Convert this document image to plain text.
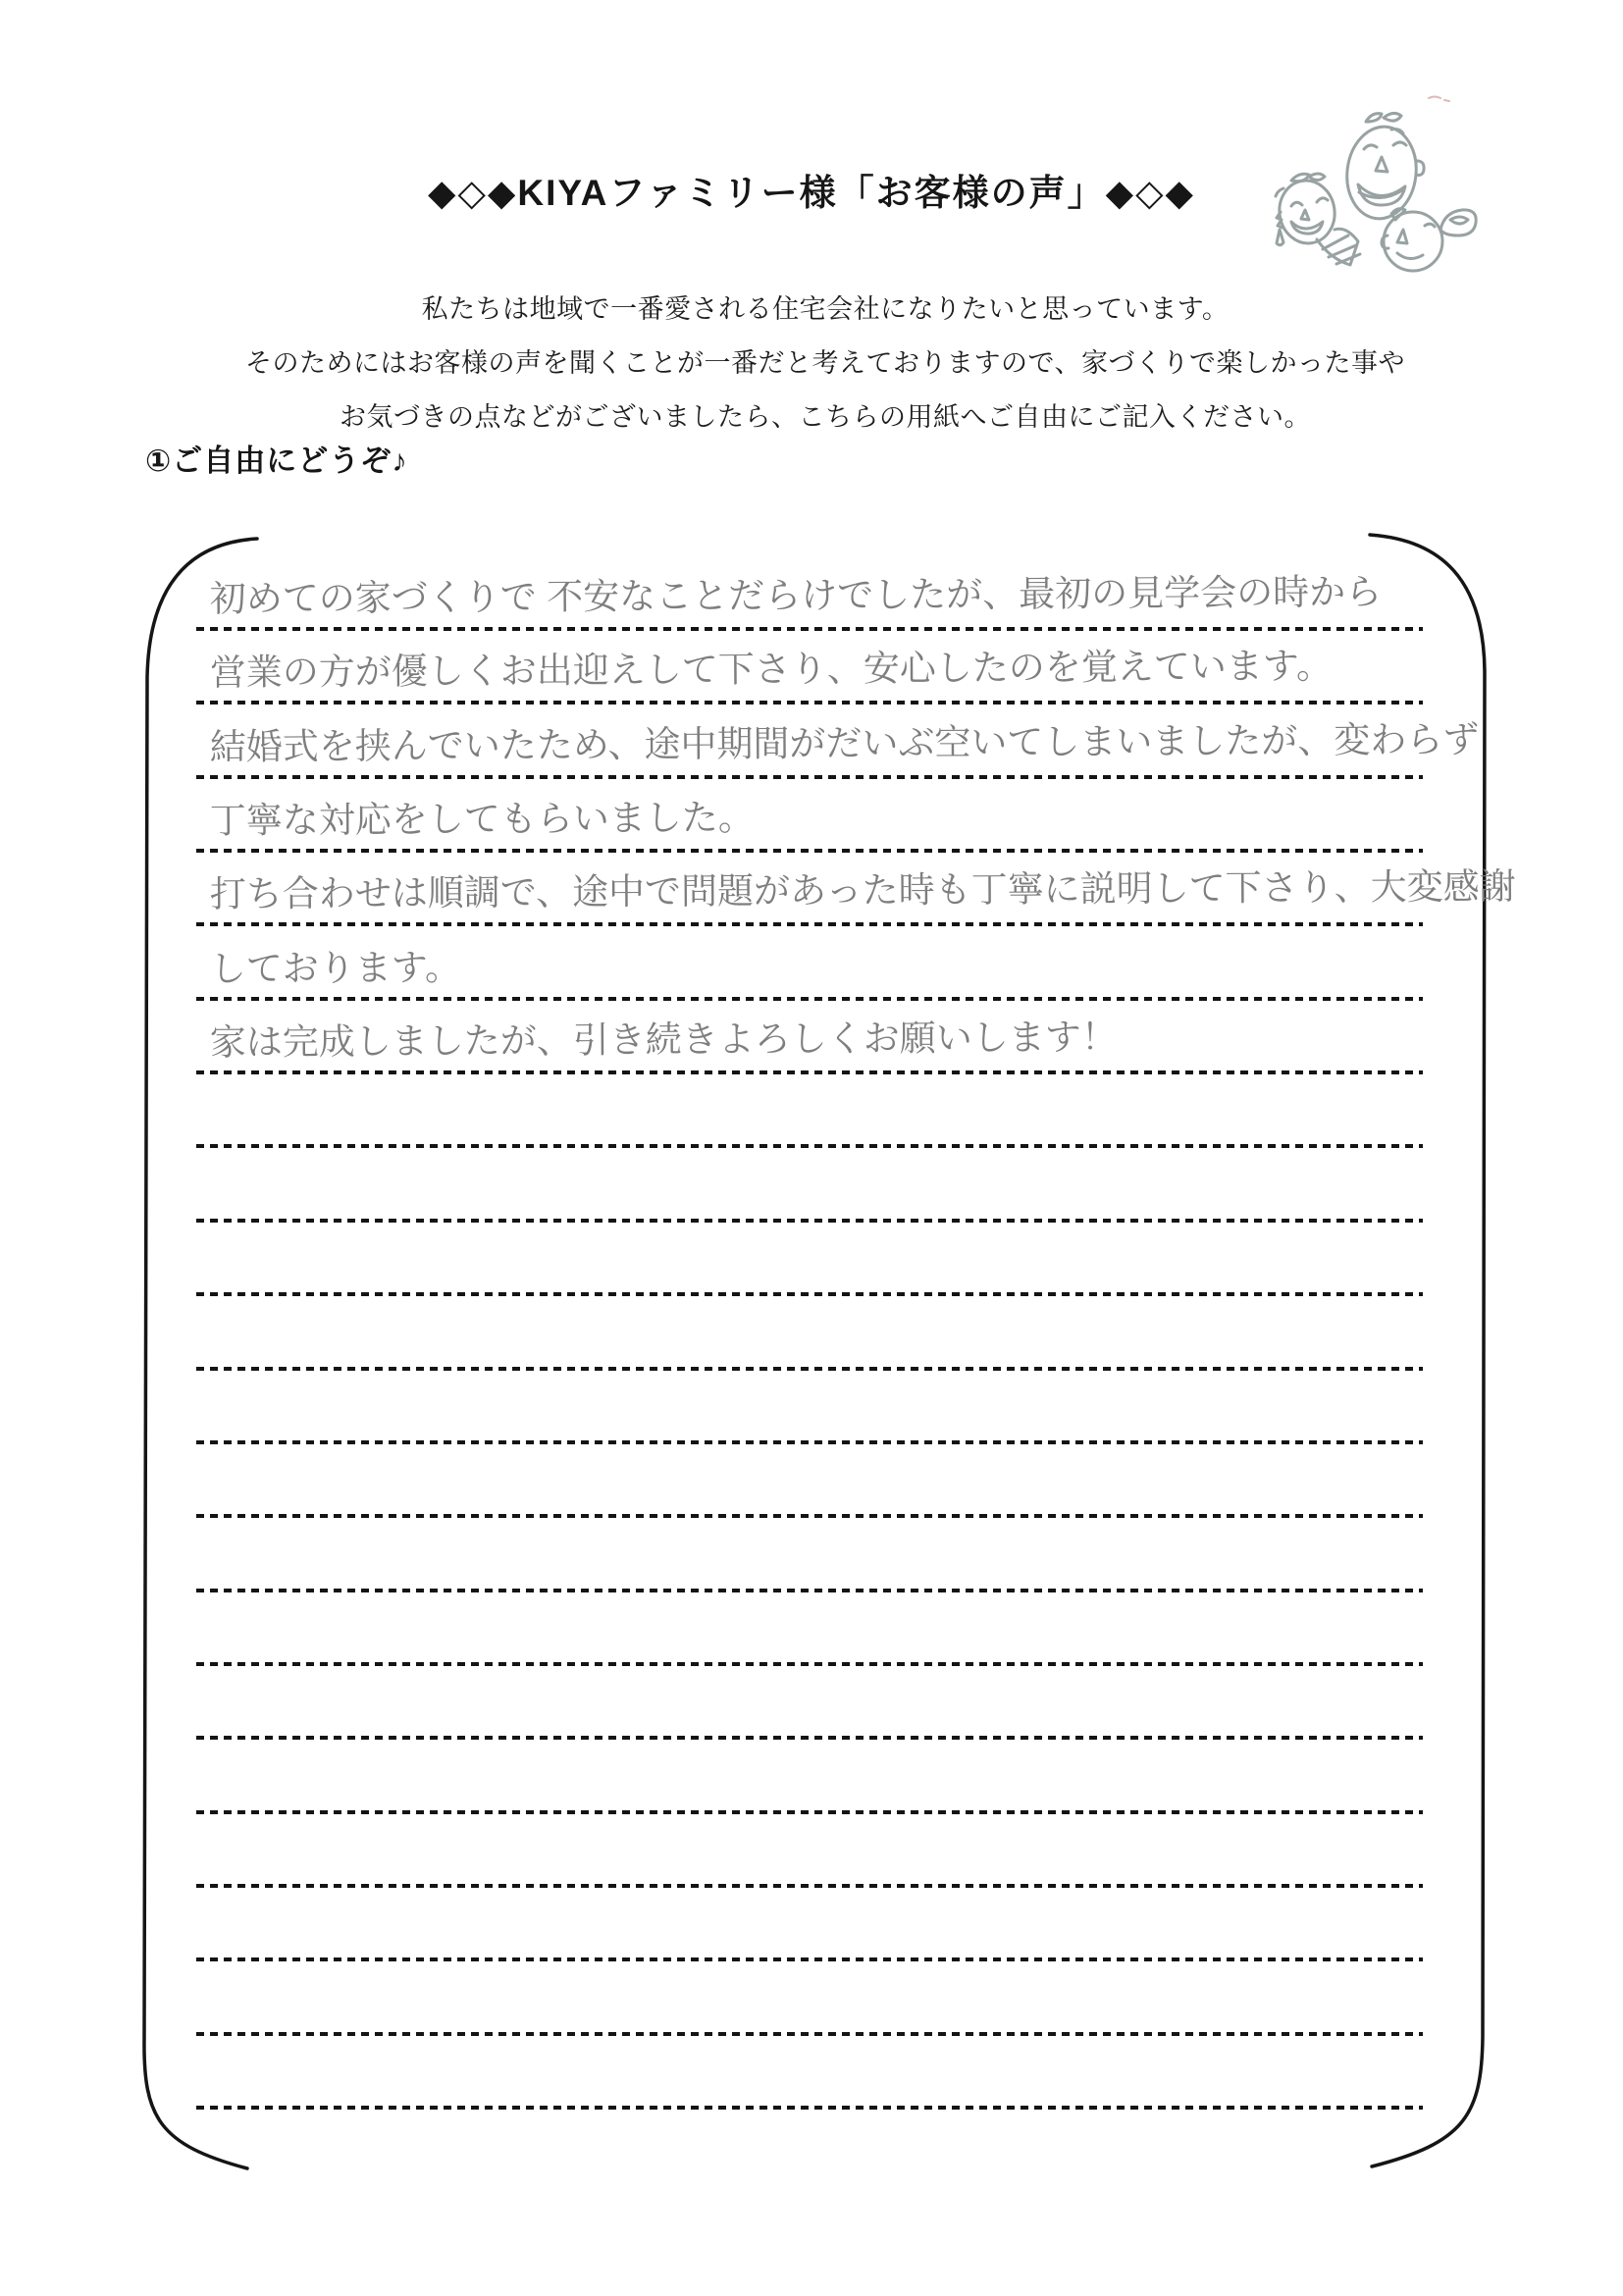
◆◇◆KIYAファミリー様「お客様の声」◆◇◆
私たちは地域で一番愛される住宅会社になりたいと思っています。
そのためにはお客様の声を聞くことが一番だと考えておりますので、家づくりで楽しかった事や
お気づきの点などがございましたら、こちらの用紙へご自由にご記入ください。
①ご自由にどうぞ♪
初めての家づくりで 不安なことだらけでしたが、最初の見学会の時から
営業の方が優しくお出迎えして下さり、安心したのを覚えています。
結婚式を挟んでいたため、途中期間がだいぶ空いてしまいましたが、変わらず
丁寧な対応をしてもらいました。
打ち合わせは順調で、途中で問題があった時も丁寧に説明して下さり、大変感謝
しております。
家は完成しましたが、引き続きよろしくお願いします！
